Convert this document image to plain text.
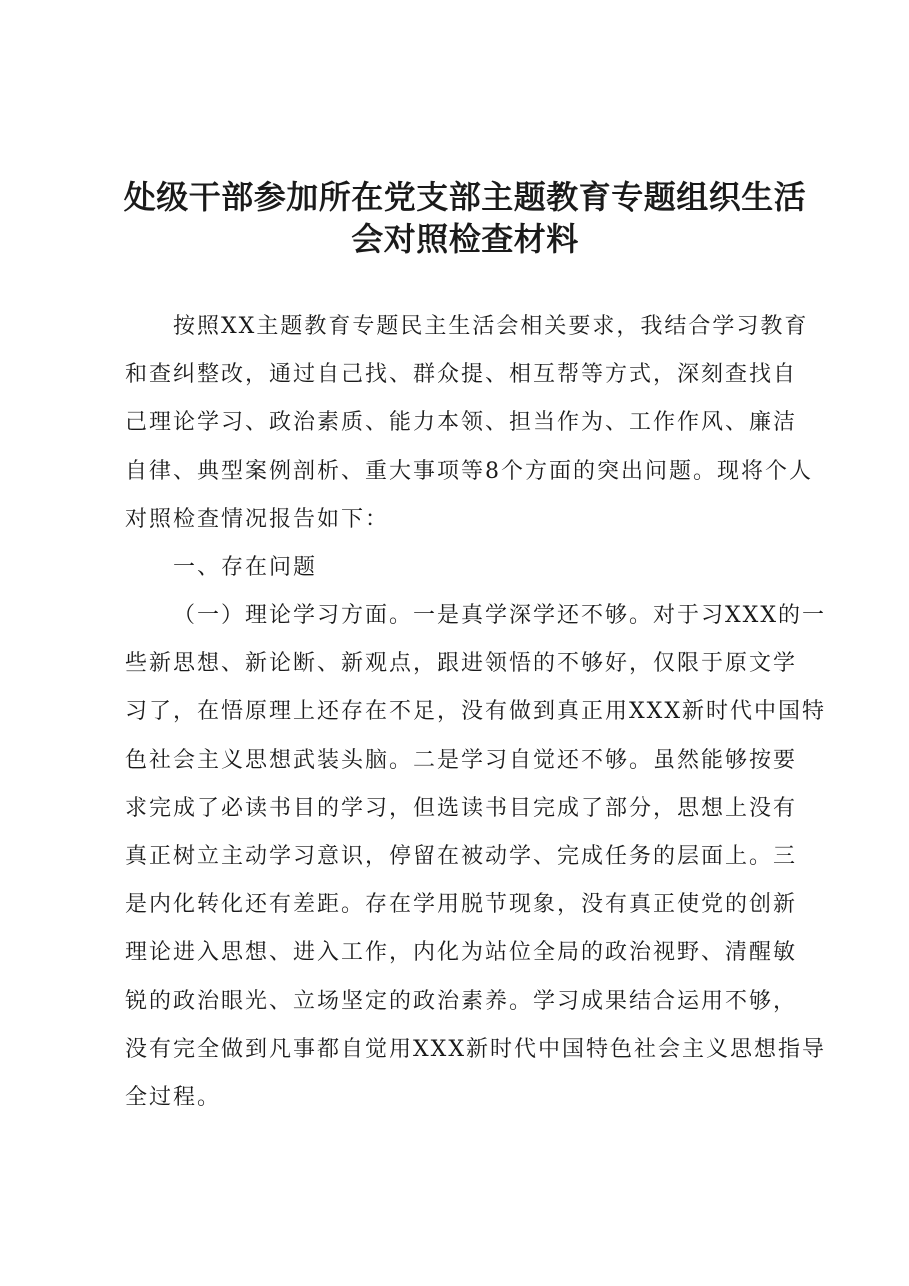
处级干部参加所在党支部主题教育专题组织生活
会对照检查材料
按照XX主题教育专题民主生活会相关要求，我结合学习教育
和查纠整改，通过自己找、群众提、相互帮等方式，深刻查找自
己理论学习、政治素质、能力本领、担当作为、工作作风、廉洁
自律、典型案例剖析、重大事项等8个方面的突出问题。现将个人
对照检查情况报告如下：
一、存在问题
（一）理论学习方面。一是真学深学还不够。对于习XXX的一
些新思想、新论断、新观点，跟进领悟的不够好，仅限于原文学
习了，在悟原理上还存在不足，没有做到真正用XXX新时代中国特
色社会主义思想武装头脑。二是学习自觉还不够。虽然能够按要
求完成了必读书目的学习，但选读书目完成了部分，思想上没有
真正树立主动学习意识，停留在被动学、完成任务的层面上。三
是内化转化还有差距。存在学用脱节现象，没有真正使党的创新
理论进入思想、进入工作，内化为站位全局的政治视野、清醒敏
锐的政治眼光、立场坚定的政治素养。学习成果结合运用不够，
没有完全做到凡事都自觉用XXX新时代中国特色社会主义思想指导
全过程。
